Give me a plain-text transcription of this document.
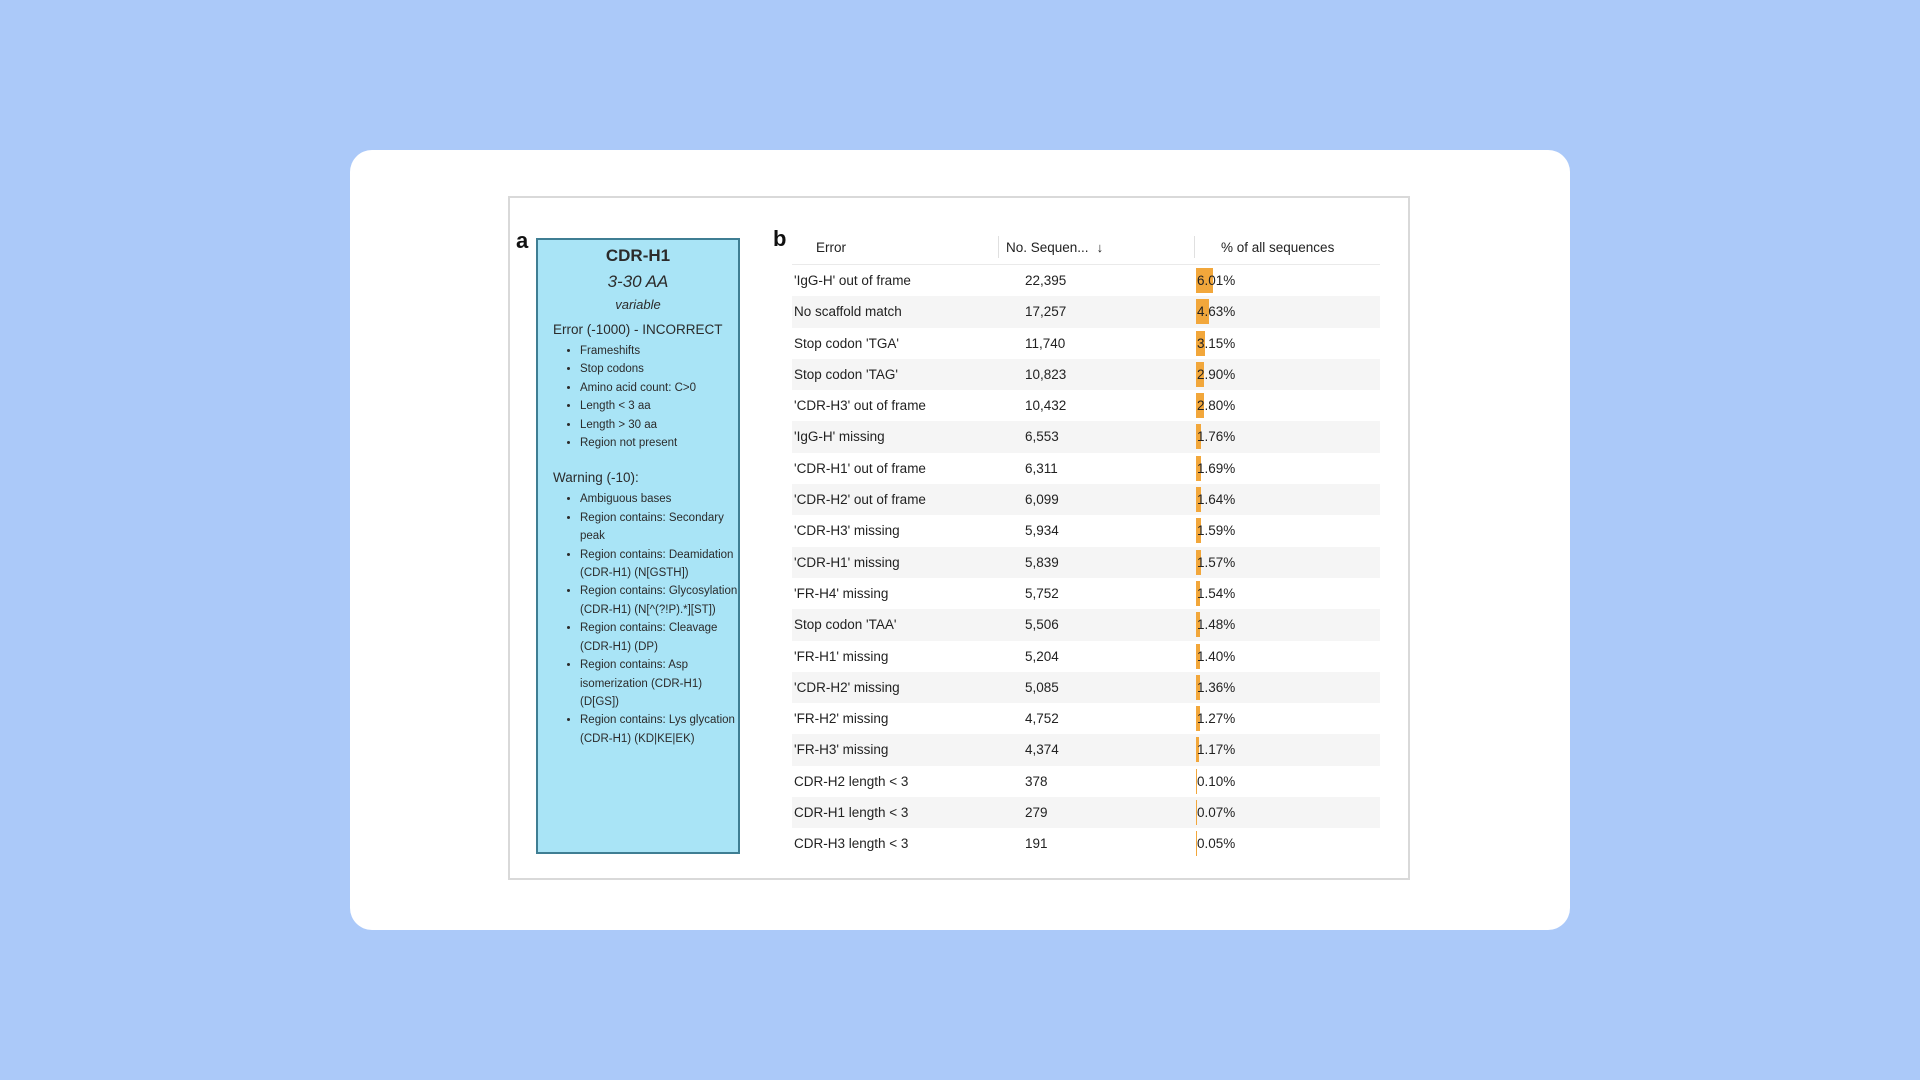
a
CDR-H1
3-30 AA
variable
Error (-1000) - INCORRECT
• Frameshifts
• Stop codons
• Amino acid count: C>0
• Length < 3 aa
• Length > 30 aa
• Region not present
Warning (-10):
• Ambiguous bases
• Region contains: Secondary peak
• Region contains: Deamidation (CDR-H1) (N[GSTH])
• Region contains: Glycosylation (CDR-H1) (N[^(?!P).*][ST])
• Region contains: Cleavage (CDR-H1) (DP)
• Region contains: Asp isomerization (CDR-H1) (D[GS])
• Region contains: Lys glycation (CDR-H1) (KD|KE|EK)
b Error	No. Sequen... ↓	% of all sequences
'IgG-H' out of frame	22,395	6.01%
No scaffold match	17,257	4.63%
Stop codon 'TGA'	11,740	3.15%
Stop codon 'TAG'	10,823	2.90%
'CDR-H3' out of frame	10,432	2.80%
'IgG-H' missing	6,553	1.76%
'CDR-H1' out of frame	6,311	1.69%
'CDR-H2' out of frame	6,099	1.64%
'CDR-H3' missing	5,934	1.59%
'CDR-H1' missing	5,839	1.57%
'FR-H4' missing	5,752	1.54%
Stop codon 'TAA'	5,506	1.48%
'FR-H1' missing	5,204	1.40%
'CDR-H2' missing	5,085	1.36%
'FR-H2' missing	4,752	1.27%
'FR-H3' missing	4,374	1.17%
CDR-H2 length < 3	378	0.10%
CDR-H1 length < 3	279	0.07%
CDR-H3 length < 3	191	0.05%
